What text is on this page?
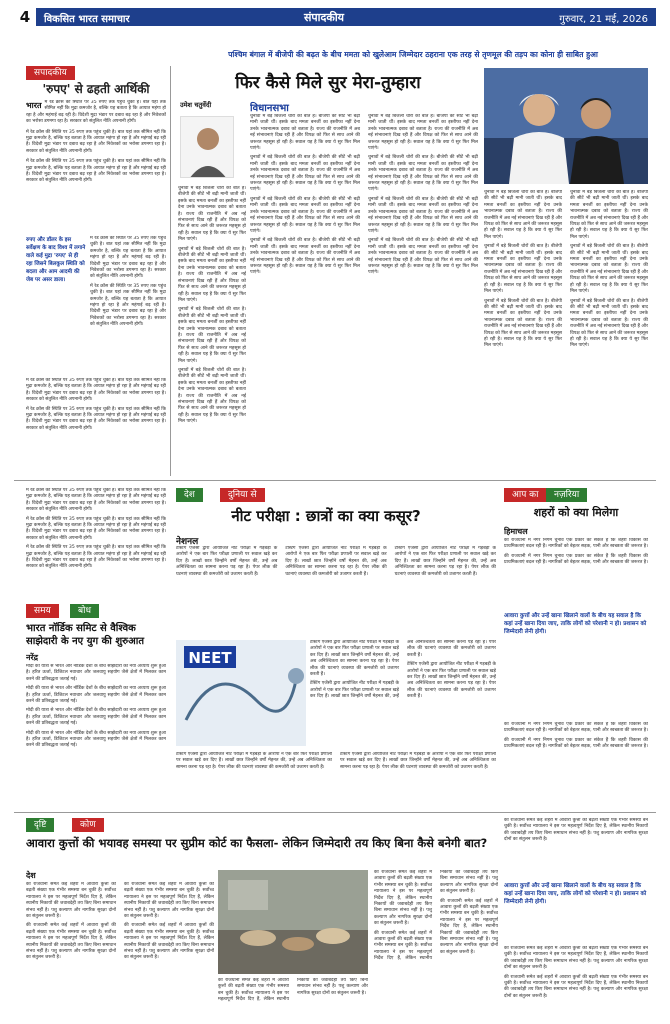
4	विकसित भारत समाचार	संपादकीय	गुरुवार, 21 मई, 2026
सपादकीय
'रुपए' से ढहती आर्थिकी
भारत में रेड क्रॉस की स्थिति पर 35 रुपए तक पहुंच चुकी है। बात यहां तक सीमित नहीं कि मुद्रा कमजोर है, बल्कि यह बताता है कि आयात महंगा हो रहा है और महंगाई बढ़ रही है। विदेशी मुद्रा भंडार पर दबाव बढ़ रहा है और निवेशकों का भरोसा डगमगा रहा है। सरकार को संतुलित नीति अपनानी होगी।
में रेड क्रॉस की स्थिति पर 35 रुपए तक पहुंच चुकी है। बात यहां तक सीमित नहीं कि मुद्रा कमजोर है, बल्कि यह बताता है कि आयात महंगा हो रहा है और महंगाई बढ़ रही है। विदेशी मुद्रा भंडार पर दबाव बढ़ रहा है और निवेशकों का भरोसा डगमगा रहा है। सरकार को संतुलित नीति अपनानी होगी।
में रेड क्रॉस की स्थिति पर 35 रुपए तक पहुंच चुकी है। बात यहां तक सीमित नहीं कि मुद्रा कमजोर है, बल्कि यह बताता है कि आयात महंगा हो रहा है और महंगाई बढ़ रही है। विदेशी मुद्रा भंडार पर दबाव बढ़ रहा है और निवेशकों का भरोसा डगमगा रहा है। सरकार को संतुलित नीति अपनानी होगी।
रुपए और डॉलर के इस सर्वेक्षण के बाद विश्व में लगाने वाले कई मुद्रा 'रुपए' से ही रहा जिसने बिलकुल स्थिति को बदला और आम आदमी की जेब पर असर डाला।
में रेड क्रॉस की स्थिति पर 35 रुपए तक पहुंच चुकी है। बात यहां तक सीमित नहीं कि मुद्रा कमजोर है, बल्कि यह बताता है कि आयात महंगा हो रहा है और महंगाई बढ़ रही है। विदेशी मुद्रा भंडार पर दबाव बढ़ रहा है और निवेशकों का भरोसा डगमगा रहा है। सरकार को संतुलित नीति अपनानी होगी।
में रेड क्रॉस की स्थिति पर 35 रुपए तक पहुंच चुकी है। बात यहां तक सीमित नहीं कि मुद्रा कमजोर है, बल्कि यह बताता है कि आयात महंगा हो रहा है और महंगाई बढ़ रही है। विदेशी मुद्रा भंडार पर दबाव बढ़ रहा है और निवेशकों का भरोसा डगमगा रहा है। सरकार को संतुलित नीति अपनानी होगी।
में रेड क्रॉस की स्थिति पर 35 रुपए तक पहुंच चुकी है। बात यहां तक सीमित नहीं कि मुद्रा कमजोर है, बल्कि यह बताता है कि आयात महंगा हो रहा है और महंगाई बढ़ रही है। विदेशी मुद्रा भंडार पर दबाव बढ़ रहा है और निवेशकों का भरोसा डगमगा रहा है। सरकार को संतुलित नीति अपनानी होगी।
में रेड क्रॉस की स्थिति पर 35 रुपए तक पहुंच चुकी है। बात यहां तक सीमित नहीं कि मुद्रा कमजोर है, बल्कि यह बताता है कि आयात महंगा हो रहा है और महंगाई बढ़ रही है। विदेशी मुद्रा भंडार पर दबाव बढ़ रहा है और निवेशकों का भरोसा डगमगा रहा है। सरकार को संतुलित नीति अपनानी होगी।
पश्चिम बंगाल में बीजेपी की बढ़त के बीच ममता को खुलेआम जिम्मेदार ठहराना एक तरह से तृणमूल की तड़प का कोना ही साबित हुआ
फिर कैसे मिले सुर मेरा-तुम्हारा
उमेश चतुर्वेदी
चुनावों में बड़े बिजली चोरों की बात है। बीजेपी की सीटें भी बढ़ी मानी जाती थीं। इसके बाद ममता बनर्जी का इस्तीफा नहीं देना उनके भावनात्मक दबाव को बताता है। राज्य की राजनीति में अब नई संभावनाएं दिख रही हैं और विपक्ष को फिर से साथ आने की जरूरत महसूस हो रही है। सवाल यह है कि क्या ये सुर फिर मिल पाएंगे।
चुनावों में बड़े बिजली चोरों की बात है। बीजेपी की सीटें भी बढ़ी मानी जाती थीं। इसके बाद ममता बनर्जी का इस्तीफा नहीं देना उनके भावनात्मक दबाव को बताता है। राज्य की राजनीति में अब नई संभावनाएं दिख रही हैं और विपक्ष को फिर से साथ आने की जरूरत महसूस हो रही है। सवाल यह है कि क्या ये सुर फिर मिल पाएंगे।
चुनावों में बड़े बिजली चोरों की बात है। बीजेपी की सीटें भी बढ़ी मानी जाती थीं। इसके बाद ममता बनर्जी का इस्तीफा नहीं देना उनके भावनात्मक दबाव को बताता है। राज्य की राजनीति में अब नई संभावनाएं दिख रही हैं और विपक्ष को फिर से साथ आने की जरूरत महसूस हो रही है। सवाल यह है कि क्या ये सुर फिर मिल पाएंगे।
चुनावों में बड़े बिजली चोरों की बात है। बीजेपी की सीटें भी बढ़ी मानी जाती थीं। इसके बाद ममता बनर्जी का इस्तीफा नहीं देना उनके भावनात्मक दबाव को बताता है। राज्य की राजनीति में अब नई संभावनाएं दिख रही हैं और विपक्ष को फिर से साथ आने की जरूरत महसूस हो रही है। सवाल यह है कि क्या ये सुर फिर मिल पाएंगे।
विधानसभा
चुनावों में बड़े बिजली चोरों की बात है। बीजेपी की सीटें भी बढ़ी मानी जाती थीं। इसके बाद ममता बनर्जी का इस्तीफा नहीं देना उनके भावनात्मक दबाव को बताता है। राज्य की राजनीति में अब नई संभावनाएं दिख रही हैं और विपक्ष को फिर से साथ आने की जरूरत महसूस हो रही है। सवाल यह है कि क्या ये सुर फिर मिल पाएंगे।
चुनावों में बड़े बिजली चोरों की बात है। बीजेपी की सीटें भी बढ़ी मानी जाती थीं। इसके बाद ममता बनर्जी का इस्तीफा नहीं देना उनके भावनात्मक दबाव को बताता है। राज्य की राजनीति में अब नई संभावनाएं दिख रही हैं और विपक्ष को फिर से साथ आने की जरूरत महसूस हो रही है। सवाल यह है कि क्या ये सुर फिर मिल पाएंगे।
चुनावों में बड़े बिजली चोरों की बात है। बीजेपी की सीटें भी बढ़ी मानी जाती थीं। इसके बाद ममता बनर्जी का इस्तीफा नहीं देना उनके भावनात्मक दबाव को बताता है। राज्य की राजनीति में अब नई संभावनाएं दिख रही हैं और विपक्ष को फिर से साथ आने की जरूरत महसूस हो रही है। सवाल यह है कि क्या ये सुर फिर मिल पाएंगे।
चुनावों में बड़े बिजली चोरों की बात है। बीजेपी की सीटें भी बढ़ी मानी जाती थीं। इसके बाद ममता बनर्जी का इस्तीफा नहीं देना उनके भावनात्मक दबाव को बताता है। राज्य की राजनीति में अब नई संभावनाएं दिख रही हैं और विपक्ष को फिर से साथ आने की जरूरत महसूस हो रही है। सवाल यह है कि क्या ये सुर फिर मिल पाएंगे।
चुनावों में बड़े बिजली चोरों की बात है। बीजेपी की सीटें भी बढ़ी मानी जाती थीं। इसके बाद ममता बनर्जी का इस्तीफा नहीं देना उनके भावनात्मक दबाव को बताता है। राज्य की राजनीति में अब नई संभावनाएं दिख रही हैं और विपक्ष को फिर से साथ आने की जरूरत महसूस हो रही है। सवाल यह है कि क्या ये सुर फिर मिल पाएंगे।
चुनावों में बड़े बिजली चोरों की बात है। बीजेपी की सीटें भी बढ़ी मानी जाती थीं। इसके बाद ममता बनर्जी का इस्तीफा नहीं देना उनके भावनात्मक दबाव को बताता है। राज्य की राजनीति में अब नई संभावनाएं दिख रही हैं और विपक्ष को फिर से साथ आने की जरूरत महसूस हो रही है। सवाल यह है कि क्या ये सुर फिर मिल पाएंगे।
चुनावों में बड़े बिजली चोरों की बात है। बीजेपी की सीटें भी बढ़ी मानी जाती थीं। इसके बाद ममता बनर्जी का इस्तीफा नहीं देना उनके भावनात्मक दबाव को बताता है। राज्य की राजनीति में अब नई संभावनाएं दिख रही हैं और विपक्ष को फिर से साथ आने की जरूरत महसूस हो रही है। सवाल यह है कि क्या ये सुर फिर मिल पाएंगे।
चुनावों में बड़े बिजली चोरों की बात है। बीजेपी की सीटें भी बढ़ी मानी जाती थीं। इसके बाद ममता बनर्जी का इस्तीफा नहीं देना उनके भावनात्मक दबाव को बताता है। राज्य की राजनीति में अब नई संभावनाएं दिख रही हैं और विपक्ष को फिर से साथ आने की जरूरत महसूस हो रही है। सवाल यह है कि क्या ये सुर फिर मिल पाएंगे।
चुनावों में बड़े बिजली चोरों की बात है। बीजेपी की सीटें भी बढ़ी मानी जाती थीं। इसके बाद ममता बनर्जी का इस्तीफा नहीं देना उनके भावनात्मक दबाव को बताता है। राज्य की राजनीति में अब नई संभावनाएं दिख रही हैं और विपक्ष को फिर से साथ आने की जरूरत महसूस हो रही है। सवाल यह है कि क्या ये सुर फिर मिल पाएंगे।
चुनावों में बड़े बिजली चोरों की बात है। बीजेपी की सीटें भी बढ़ी मानी जाती थीं। इसके बाद ममता बनर्जी का इस्तीफा नहीं देना उनके भावनात्मक दबाव को बताता है। राज्य की राजनीति में अब नई संभावनाएं दिख रही हैं और विपक्ष को फिर से साथ आने की जरूरत महसूस हो रही है। सवाल यह है कि क्या ये सुर फिर मिल पाएंगे।
चुनावों में बड़े बिजली चोरों की बात है। बीजेपी की सीटें भी बढ़ी मानी जाती थीं। इसके बाद ममता बनर्जी का इस्तीफा नहीं देना उनके भावनात्मक दबाव को बताता है। राज्य की राजनीति में अब नई संभावनाएं दिख रही हैं और विपक्ष को फिर से साथ आने की जरूरत महसूस हो रही है। सवाल यह है कि क्या ये सुर फिर मिल पाएंगे।
चुनावों में बड़े बिजली चोरों की बात है। बीजेपी की सीटें भी बढ़ी मानी जाती थीं। इसके बाद ममता बनर्जी का इस्तीफा नहीं देना उनके भावनात्मक दबाव को बताता है। राज्य की राजनीति में अब नई संभावनाएं दिख रही हैं और विपक्ष को फिर से साथ आने की जरूरत महसूस हो रही है। सवाल यह है कि क्या ये सुर फिर मिल पाएंगे।
चुनावों में बड़े बिजली चोरों की बात है। बीजेपी की सीटें भी बढ़ी मानी जाती थीं। इसके बाद ममता बनर्जी का इस्तीफा नहीं देना उनके भावनात्मक दबाव को बताता है। राज्य की राजनीति में अब नई संभावनाएं दिख रही हैं और विपक्ष को फिर से साथ आने की जरूरत महसूस हो रही है। सवाल यह है कि क्या ये सुर फिर मिल पाएंगे।
चुनावों में बड़े बिजली चोरों की बात है। बीजेपी की सीटें भी बढ़ी मानी जाती थीं। इसके बाद ममता बनर्जी का इस्तीफा नहीं देना उनके भावनात्मक दबाव को बताता है। राज्य की राजनीति में अब नई संभावनाएं दिख रही हैं और विपक्ष को फिर से साथ आने की जरूरत महसूस हो रही है। सवाल यह है कि क्या ये सुर फिर मिल पाएंगे।
देश	दुनिया से
नीट परीक्षा : छात्रों का क्या कसूर?
नेशनल
टेस्टिंग एजेंसी द्वारा आयोजित नीट परीक्षा में गड़बड़ी के आरोपों ने एक बार फिर परीक्षा प्रणाली पर सवाल खड़े कर दिए हैं। लाखों छात्र जिन्होंने वर्षों मेहनत की, उन्हें अब अनिश्चितता का सामना करना पड़ रहा है। पेपर लीक की घटनाएं व्यवस्था की कमजोरी को उजागर करती हैं।
टेस्टिंग एजेंसी द्वारा आयोजित नीट परीक्षा में गड़बड़ी के आरोपों ने एक बार फिर परीक्षा प्रणाली पर सवाल खड़े कर दिए हैं। लाखों छात्र जिन्होंने वर्षों मेहनत की, उन्हें अब अनिश्चितता का सामना करना पड़ रहा है। पेपर लीक की घटनाएं व्यवस्था की कमजोरी को उजागर करती हैं।
टेस्टिंग एजेंसी द्वारा आयोजित नीट परीक्षा में गड़बड़ी के आरोपों ने एक बार फिर परीक्षा प्रणाली पर सवाल खड़े कर दिए हैं। लाखों छात्र जिन्होंने वर्षों मेहनत की, उन्हें अब अनिश्चितता का सामना करना पड़ रहा है। पेपर लीक की घटनाएं व्यवस्था की कमजोरी को उजागर करती हैं।
NEET
टेस्टिंग एजेंसी द्वारा आयोजित नीट परीक्षा में गड़बड़ी के आरोपों ने एक बार फिर परीक्षा प्रणाली पर सवाल खड़े कर दिए हैं। लाखों छात्र जिन्होंने वर्षों मेहनत की, उन्हें अब अनिश्चितता का सामना करना पड़ रहा है। पेपर लीक की घटनाएं व्यवस्था की कमजोरी को उजागर करती हैं।
टेस्टिंग एजेंसी द्वारा आयोजित नीट परीक्षा में गड़बड़ी के आरोपों ने एक बार फिर परीक्षा प्रणाली पर सवाल खड़े कर दिए हैं। लाखों छात्र जिन्होंने वर्षों मेहनत की, उन्हें अब अनिश्चितता का सामना करना पड़ रहा है। पेपर लीक की घटनाएं व्यवस्था की कमजोरी को उजागर करती हैं।
टेस्टिंग एजेंसी द्वारा आयोजित नीट परीक्षा में गड़बड़ी के आरोपों ने एक बार फिर परीक्षा प्रणाली पर सवाल खड़े कर दिए हैं। लाखों छात्र जिन्होंने वर्षों मेहनत की, उन्हें अब अनिश्चितता का सामना करना पड़ रहा है। पेपर लीक की घटनाएं व्यवस्था की कमजोरी को उजागर करती हैं।
टेस्टिंग एजेंसी द्वारा आयोजित नीट परीक्षा में गड़बड़ी के आरोपों ने एक बार फिर परीक्षा प्रणाली पर सवाल खड़े कर दिए हैं। लाखों छात्र जिन्होंने वर्षों मेहनत की, उन्हें अब अनिश्चितता का सामना करना पड़ रहा है। पेपर लीक की घटनाएं व्यवस्था की कमजोरी को उजागर करती हैं।
टेस्टिंग एजेंसी द्वारा आयोजित नीट परीक्षा में गड़बड़ी के आरोपों ने एक बार फिर परीक्षा प्रणाली पर सवाल खड़े कर दिए हैं। लाखों छात्र जिन्होंने वर्षों मेहनत की, उन्हें अब अनिश्चितता का सामना करना पड़ रहा है। पेपर लीक की घटनाएं व्यवस्था की कमजोरी को उजागर करती हैं।
में रेड क्रॉस की स्थिति पर 35 रुपए तक पहुंच चुकी है। बात यहां तक सीमित नहीं कि मुद्रा कमजोर है, बल्कि यह बताता है कि आयात महंगा हो रहा है और महंगाई बढ़ रही है। विदेशी मुद्रा भंडार पर दबाव बढ़ रहा है और निवेशकों का भरोसा डगमगा रहा है। सरकार को संतुलित नीति अपनानी होगी।
में रेड क्रॉस की स्थिति पर 35 रुपए तक पहुंच चुकी है। बात यहां तक सीमित नहीं कि मुद्रा कमजोर है, बल्कि यह बताता है कि आयात महंगा हो रहा है और महंगाई बढ़ रही है। विदेशी मुद्रा भंडार पर दबाव बढ़ रहा है और निवेशकों का भरोसा डगमगा रहा है। सरकार को संतुलित नीति अपनानी होगी।
में रेड क्रॉस की स्थिति पर 35 रुपए तक पहुंच चुकी है। बात यहां तक सीमित नहीं कि मुद्रा कमजोर है, बल्कि यह बताता है कि आयात महंगा हो रहा है और महंगाई बढ़ रही है। विदेशी मुद्रा भंडार पर दबाव बढ़ रहा है और निवेशकों का भरोसा डगमगा रहा है। सरकार को संतुलित नीति अपनानी होगी।
समय	बोध
भारत नॉर्डिक समिट से वैश्विक साझेदारी के नए युग की शुरुआत
नरेंद्र
मोदी की यात्रा से भारत और नॉर्डिक देशों के बीच साझेदारी का नया अध्याय शुरू हुआ है। हरित ऊर्जा, डिजिटल नवाचार और जलवायु सहयोग जैसे क्षेत्रों में मिलकर काम करने की प्रतिबद्धता जताई गई।
मोदी की यात्रा से भारत और नॉर्डिक देशों के बीच साझेदारी का नया अध्याय शुरू हुआ है। हरित ऊर्जा, डिजिटल नवाचार और जलवायु सहयोग जैसे क्षेत्रों में मिलकर काम करने की प्रतिबद्धता जताई गई।
मोदी की यात्रा से भारत और नॉर्डिक देशों के बीच साझेदारी का नया अध्याय शुरू हुआ है। हरित ऊर्जा, डिजिटल नवाचार और जलवायु सहयोग जैसे क्षेत्रों में मिलकर काम करने की प्रतिबद्धता जताई गई।
मोदी की यात्रा से भारत और नॉर्डिक देशों के बीच साझेदारी का नया अध्याय शुरू हुआ है। हरित ऊर्जा, डिजिटल नवाचार और जलवायु सहयोग जैसे क्षेत्रों में मिलकर काम करने की प्रतिबद्धता जताई गई।
आप का	नज़रिया
शहरों को क्या मिलेगा
हिमाचल
की राजधानी में नगर निगम चुनाव एक प्रकार का संकेत हैं कि शहरी विकास की प्राथमिकताएं बदल रही हैं। नागरिकों को बेहतर सड़क, पानी और स्वच्छता की जरूरत है।
की राजधानी में नगर निगम चुनाव एक प्रकार का संकेत हैं कि शहरी विकास की प्राथमिकताएं बदल रही हैं। नागरिकों को बेहतर सड़क, पानी और स्वच्छता की जरूरत है।
आवारा कुत्तों और उन्हें खाना खिलाने वालों के बीच यह सवाल है कि कहां उन्हें खाना दिया जाए, ताकि लोगों को परेशानी न हो। प्रशासन को जिम्मेदारी लेनी होगी।
की राजधानी में नगर निगम चुनाव एक प्रकार का संकेत हैं कि शहरी विकास की प्राथमिकताएं बदल रही हैं। नागरिकों को बेहतर सड़क, पानी और स्वच्छता की जरूरत है।
की राजधानी में नगर निगम चुनाव एक प्रकार का संकेत हैं कि शहरी विकास की प्राथमिकताएं बदल रही हैं। नागरिकों को बेहतर सड़क, पानी और स्वच्छता की जरूरत है।
दृष्टि	कोण
आवारा कुत्तों की भयावह समस्या पर सुप्रीम कोर्ट का फैसला- लेकिन जिम्मेदारी तय किए बिना कैसे बनेगी बात?
देश
की राजधानी समेत कई शहरों में आवारा कुत्तों की बढ़ती संख्या एक गंभीर समस्या बन चुकी है। सर्वोच्च न्यायालय ने इस पर महत्वपूर्ण निर्देश दिए हैं, लेकिन स्थानीय निकायों की जवाबदेही तय किए बिना समाधान संभव नहीं है। पशु कल्याण और नागरिक सुरक्षा दोनों का संतुलन जरूरी है।
की राजधानी समेत कई शहरों में आवारा कुत्तों की बढ़ती संख्या एक गंभीर समस्या बन चुकी है। सर्वोच्च न्यायालय ने इस पर महत्वपूर्ण निर्देश दिए हैं, लेकिन स्थानीय निकायों की जवाबदेही तय किए बिना समाधान संभव नहीं है। पशु कल्याण और नागरिक सुरक्षा दोनों का संतुलन जरूरी है।
की राजधानी समेत कई शहरों में आवारा कुत्तों की बढ़ती संख्या एक गंभीर समस्या बन चुकी है। सर्वोच्च न्यायालय ने इस पर महत्वपूर्ण निर्देश दिए हैं, लेकिन स्थानीय निकायों की जवाबदेही तय किए बिना समाधान संभव नहीं है। पशु कल्याण और नागरिक सुरक्षा दोनों का संतुलन जरूरी है।
की राजधानी समेत कई शहरों में आवारा कुत्तों की बढ़ती संख्या एक गंभीर समस्या बन चुकी है। सर्वोच्च न्यायालय ने इस पर महत्वपूर्ण निर्देश दिए हैं, लेकिन स्थानीय निकायों की जवाबदेही तय किए बिना समाधान संभव नहीं है। पशु कल्याण और नागरिक सुरक्षा दोनों का संतुलन जरूरी है।
की राजधानी समेत कई शहरों में आवारा कुत्तों की बढ़ती संख्या एक गंभीर समस्या बन चुकी है। सर्वोच्च न्यायालय ने इस पर महत्वपूर्ण निर्देश दिए हैं, लेकिन स्थानीय निकायों की जवाबदेही तय किए बिना समाधान संभव नहीं है। पशु कल्याण और नागरिक सुरक्षा दोनों का संतुलन जरूरी है।
की राजधानी समेत कई शहरों में आवारा कुत्तों की बढ़ती संख्या एक गंभीर समस्या बन चुकी है। सर्वोच्च न्यायालय ने इस पर महत्वपूर्ण निर्देश दिए हैं, लेकिन स्थानीय निकायों की जवाबदेही तय किए बिना समाधान संभव नहीं है। पशु कल्याण और नागरिक सुरक्षा दोनों का संतुलन जरूरी है।
की राजधानी समेत कई शहरों में आवारा कुत्तों की बढ़ती संख्या एक गंभीर समस्या बन चुकी है। सर्वोच्च न्यायालय ने इस पर महत्वपूर्ण निर्देश दिए हैं, लेकिन स्थानीय निकायों की जवाबदेही तय किए बिना समाधान संभव नहीं है। पशु कल्याण और नागरिक सुरक्षा दोनों का संतुलन जरूरी है।
की राजधानी समेत कई शहरों में आवारा कुत्तों की बढ़ती संख्या एक गंभीर समस्या बन चुकी है। सर्वोच्च न्यायालय ने इस पर महत्वपूर्ण निर्देश दिए हैं, लेकिन स्थानीय निकायों की जवाबदेही तय किए बिना समाधान संभव नहीं है। पशु कल्याण और नागरिक सुरक्षा दोनों का संतुलन जरूरी है।
की राजधानी समेत कई शहरों में आवारा कुत्तों की बढ़ती संख्या एक गंभीर समस्या बन चुकी है। सर्वोच्च न्यायालय ने इस पर महत्वपूर्ण निर्देश दिए हैं, लेकिन स्थानीय निकायों की जवाबदेही तय किए बिना समाधान संभव नहीं है। पशु कल्याण और नागरिक सुरक्षा दोनों का संतुलन जरूरी है।
आवारा कुत्तों और उन्हें खाना खिलाने वालों के बीच यह सवाल है कि कहां उन्हें खाना दिया जाए, ताकि लोगों को परेशानी न हो। प्रशासन को जिम्मेदारी लेनी होगी।
की राजधानी समेत कई शहरों में आवारा कुत्तों की बढ़ती संख्या एक गंभीर समस्या बन चुकी है। सर्वोच्च न्यायालय ने इस पर महत्वपूर्ण निर्देश दिए हैं, लेकिन स्थानीय निकायों की जवाबदेही तय किए बिना समाधान संभव नहीं है। पशु कल्याण और नागरिक सुरक्षा दोनों का संतुलन जरूरी है।
की राजधानी समेत कई शहरों में आवारा कुत्तों की बढ़ती संख्या एक गंभीर समस्या बन चुकी है। सर्वोच्च न्यायालय ने इस पर महत्वपूर्ण निर्देश दिए हैं, लेकिन स्थानीय निकायों की जवाबदेही तय किए बिना समाधान संभव नहीं है। पशु कल्याण और नागरिक सुरक्षा दोनों का संतुलन जरूरी है।
